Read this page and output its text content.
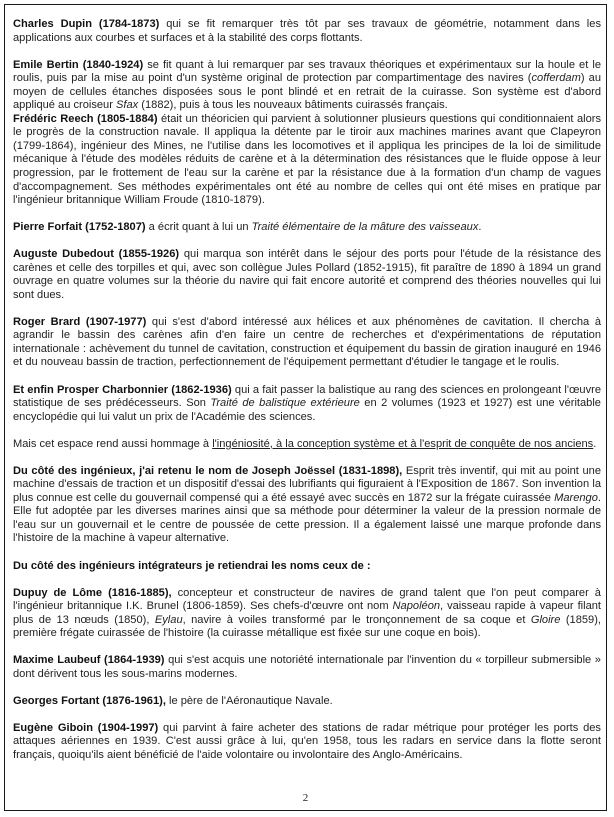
Charles Dupin (1784-1873) qui se fit remarquer très tôt par ses travaux de géométrie, notamment dans les applications aux courbes et surfaces et à la stabilité des corps flottants.

Emile Bertin (1840-1924) se fit quant à lui remarquer par ses travaux théoriques et expérimentaux sur la houle et le roulis, puis par la mise au point d'un système original de protection par compartimentage des navires (cofferdam) au moyen de cellules étanches disposées sous le pont blindé et en retrait de la cuirasse. Son système est d'abord appliqué au croiseur Sfax (1882), puis à tous les nouveaux bâtiments cuirassés français.

Frédéric Reech (1805-1884) était un théoricien qui parvient à solutionner plusieurs questions qui conditionnaient alors le progrès de la construction navale. Il appliqua la détente par le tiroir aux machines marines avant que Clapeyron (1799-1864), ingénieur des Mines, ne l'utilise dans les locomotives et il appliqua les principes de la loi de similitude mécanique à l'étude des modèles réduits de carène et à la détermination des résistances que le fluide oppose à leur progression, par le frottement de l'eau sur la carène et par la résistance due à la formation d'un champ de vagues d'accompagnement. Ses méthodes expérimentales ont été au nombre de celles qui ont été mises en pratique par l'ingénieur britannique William Froude (1810-1879).

Pierre Forfait (1752-1807) a écrit quant à lui un Traité élémentaire de la mâture des vaisseaux.

Auguste Dubedout (1855-1926) qui marqua son intérêt dans le séjour des ports pour l'étude de la résistance des carènes et celle des torpilles et qui, avec son collègue Jules Pollard (1852-1915), fit paraître de 1890 à 1894 un grand ouvrage en quatre volumes sur la théorie du navire qui fait encore autorité et comprend des théories nouvelles qui lui sont dues.

Roger Brard (1907-1977) qui s'est d'abord intéressé aux hélices et aux phénomènes de cavitation. Il chercha à agrandir le bassin des carènes afin d'en faire un centre de recherches et d'expérimentations de réputation internationale : achèvement du tunnel de cavitation, construction et équipement du bassin de giration inauguré en 1946 et du nouveau bassin de traction, perfectionnement de l'équipement permettant d'étudier le tangage et le roulis.

Et enfin Prosper Charbonnier (1862-1936) qui a fait passer la balistique au rang des sciences en prolongeant l'œuvre statistique de ses prédécesseurs. Son Traité de balistique extérieure en 2 volumes (1923 et 1927) est une véritable encyclopédie qui lui valut un prix de l'Académie des sciences.

Mais cet espace rend aussi hommage à l'ingéniosité, à la conception système et à l'esprit de conquête de nos anciens.

Du côté des ingénieux, j'ai retenu le nom de Joseph Joëssel (1831-1898), Esprit très inventif, qui mit au point une machine d'essais de traction et un dispositif d'essai des lubrifiants qui figuraient à l'Exposition de 1867. Son invention la plus connue est celle du gouvernail compensé qui a été essayé avec succès en 1872 sur la frégate cuirassée Marengo. Elle fut adoptée par les diverses marines ainsi que sa méthode pour déterminer la valeur de la pression normale de l'eau sur un gouvernail et le centre de poussée de cette pression. Il a également laissé une marque profonde dans l'histoire de la machine à vapeur alternative.

Du côté des ingénieurs intégrateurs je retiendrai les noms ceux de :

Dupuy de Lôme (1816-1885), concepteur et constructeur de navires de grand talent que l'on peut comparer à l'ingénieur britannique I.K. Brunel (1806-1859). Ses chefs-d'œuvre ont nom Napoléon, vaisseau rapide à vapeur filant plus de 13 nœuds (1850), Eylau, navire à voiles transformé par le tronçonnement de sa coque et Gloire (1859), première frégate cuirassée de l'histoire (la cuirasse métallique est fixée sur une coque en bois).

Maxime Laubeuf (1864-1939) qui s'est acquis une notoriété internationale par l'invention du « torpilleur submersible » dont dérivent tous les sous-marins modernes.

Georges Fortant (1876-1961), le père de l'Aéronautique Navale.

Eugène Giboin (1904-1997) qui parvint à faire acheter des stations de radar métrique pour protéger les ports des attaques aériennes en 1939. C'est aussi grâce à lui, qu'en 1958, tous les radars en service dans la flotte seront français, quoiqu'ils aient bénéficié de l'aide volontaire ou involontaire des Anglo-Américains.

2
